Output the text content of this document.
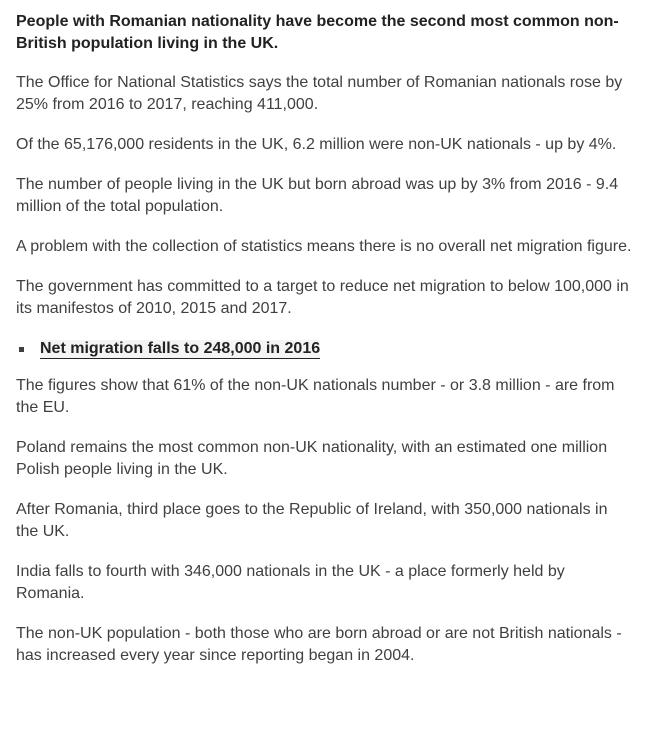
People with Romanian nationality have become the second most common non-British population living in the UK.

The Office for National Statistics says the total number of Romanian nationals rose by 25% from 2016 to 2017, reaching 411,000.

Of the 65,176,000 residents in the UK, 6.2 million were non-UK nationals - up by 4%.

The number of people living in the UK but born abroad was up by 3% from 2016 - 9.4 million of the total population.

A problem with the collection of statistics means there is no overall net migration figure.

The government has committed to a target to reduce net migration to below 100,000 in its manifestos of 2010, 2015 and 2017.

Net migration falls to 248,000 in 2016

The figures show that 61% of the non-UK nationals number - or 3.8 million - are from the EU.

Poland remains the most common non-UK nationality, with an estimated one million Polish people living in the UK.

After Romania, third place goes to the Republic of Ireland, with 350,000 nationals in the UK.

India falls to fourth with 346,000 nationals in the UK - a place formerly held by Romania.

The non-UK population - both those who are born abroad or are not British nationals - has increased every year since reporting began in 2004.
